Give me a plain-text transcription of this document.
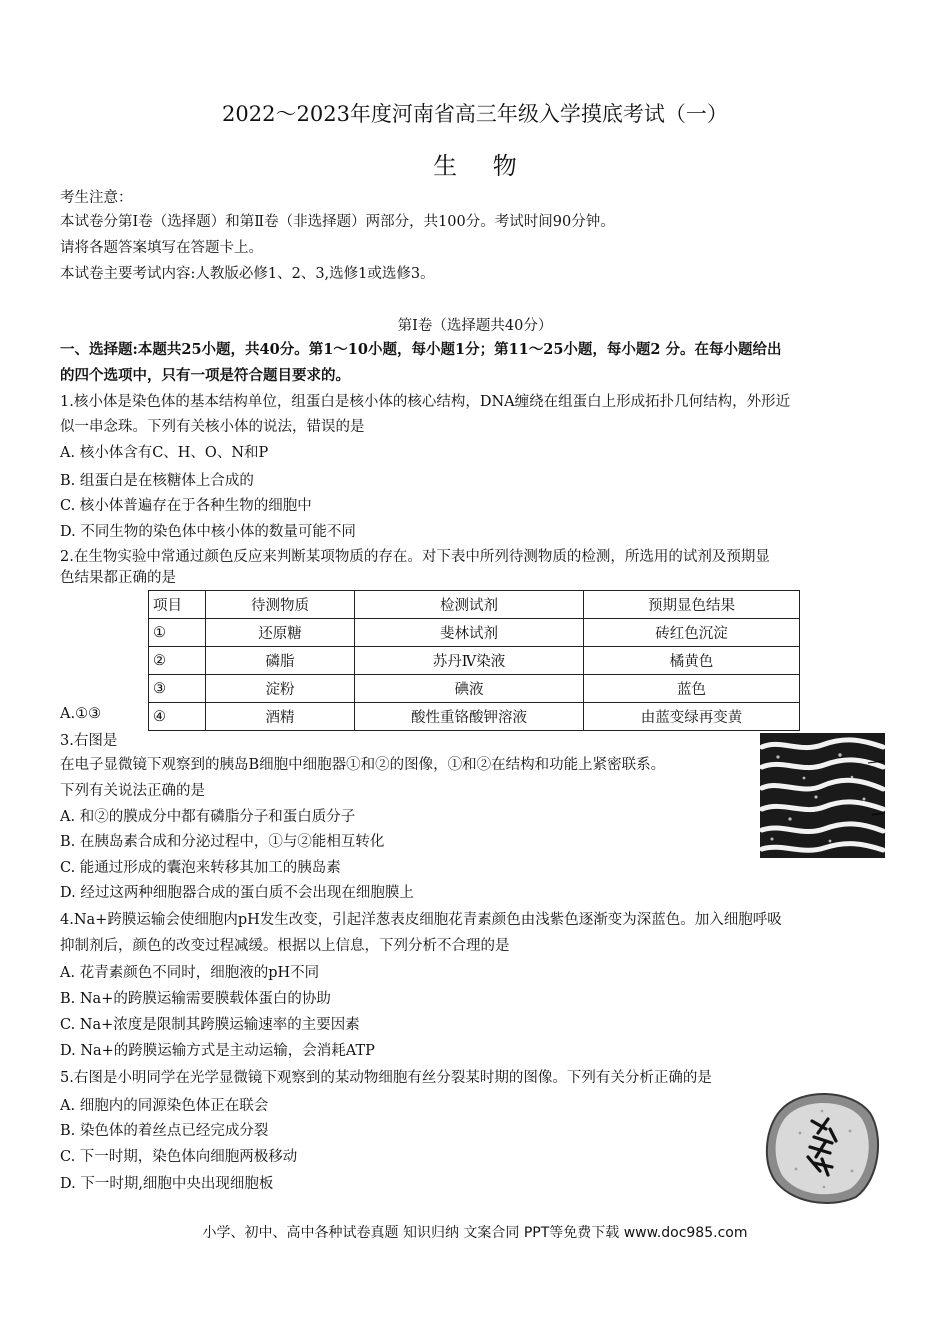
2022～2023年度河南省高三年级入学摸底考试（一）
生 物
考生注意：
本试卷分第Ⅰ卷（选择题）和第Ⅱ卷（非选择题）两部分，共100分。考试时间90分钟。
请将各题答案填写在答题卡上。
本试卷主要考试内容:人教版必修1、2、3,选修1或选修3。
第Ⅰ卷（选择题共40分）
一、选择题:本题共25小题，共40分。第1～10小题，每小题1分；第11～25小题，每小题2 分。在每小题给出
的四个选项中，只有一项是符合题目要求的。
1.核小体是染色体的基本结构单位，组蛋白是核小体的核心结构，DNA缠绕在组蛋白上形成拓扑几何结构，外形近
似一串念珠。下列有关核小体的说法，错误的是
A. 核小体含有C、H、O、N和P
B. 组蛋白是在核糖体上合成的
C. 核小体普遍存在于各种生物的细胞中
D. 不同生物的染色体中核小体的数量可能不同
2.在生物实验中常通过颜色反应来判断某项物质的存在。对下表中所列待测物质的检测，所选用的试剂及预期显
色结果都正确的是
项目	待测物质	检测试剂	预期显色结果
①	还原糖	斐林试剂	砖红色沉淀
②	磷脂	苏丹Ⅳ染液	橘黄色
③	淀粉	碘液	蓝色
④	酒精	酸性重铬酸钾溶液	由蓝变绿再变黄
A.①③
3.右图是
在电子显微镜下观察到的胰岛B细胞中细胞器①和②的图像，①和②在结构和功能上紧密联系。
下列有关说法正确的是
A. 和②的膜成分中都有磷脂分子和蛋白质分子
B. 在胰岛素合成和分泌过程中，①与②能相互转化
C. 能通过形成的囊泡来转移其加工的胰岛素
D. 经过这两种细胞器合成的蛋白质不会出现在细胞膜上
4.Na+跨膜运输会使细胞内pH发生改变，引起洋葱表皮细胞花青素颜色由浅紫色逐渐变为深蓝色。加入细胞呼吸
抑制剂后，颜色的改变过程减缓。根据以上信息，下列分析不合理的是
A. 花青素颜色不同时，细胞液的pH不同
B. Na+的跨膜运输需要膜载体蛋白的协助
C. Na+浓度是限制其跨膜运输速率的主要因素
D. Na+的跨膜运输方式是主动运输，会消耗ATP
5.右图是小明同学在光学显微镜下观察到的某动物细胞有丝分裂某时期的图像。下列有关分析正确的是
A. 细胞内的同源染色体正在联会
B. 染色体的着丝点已经完成分裂
C. 下一时期，染色体向细胞两极移动
D. 下一时期,细胞中央出现细胞板
小学、初中、高中各种试卷真题 知识归纳 文案合同 PPT等免费下载 www.doc985.com
